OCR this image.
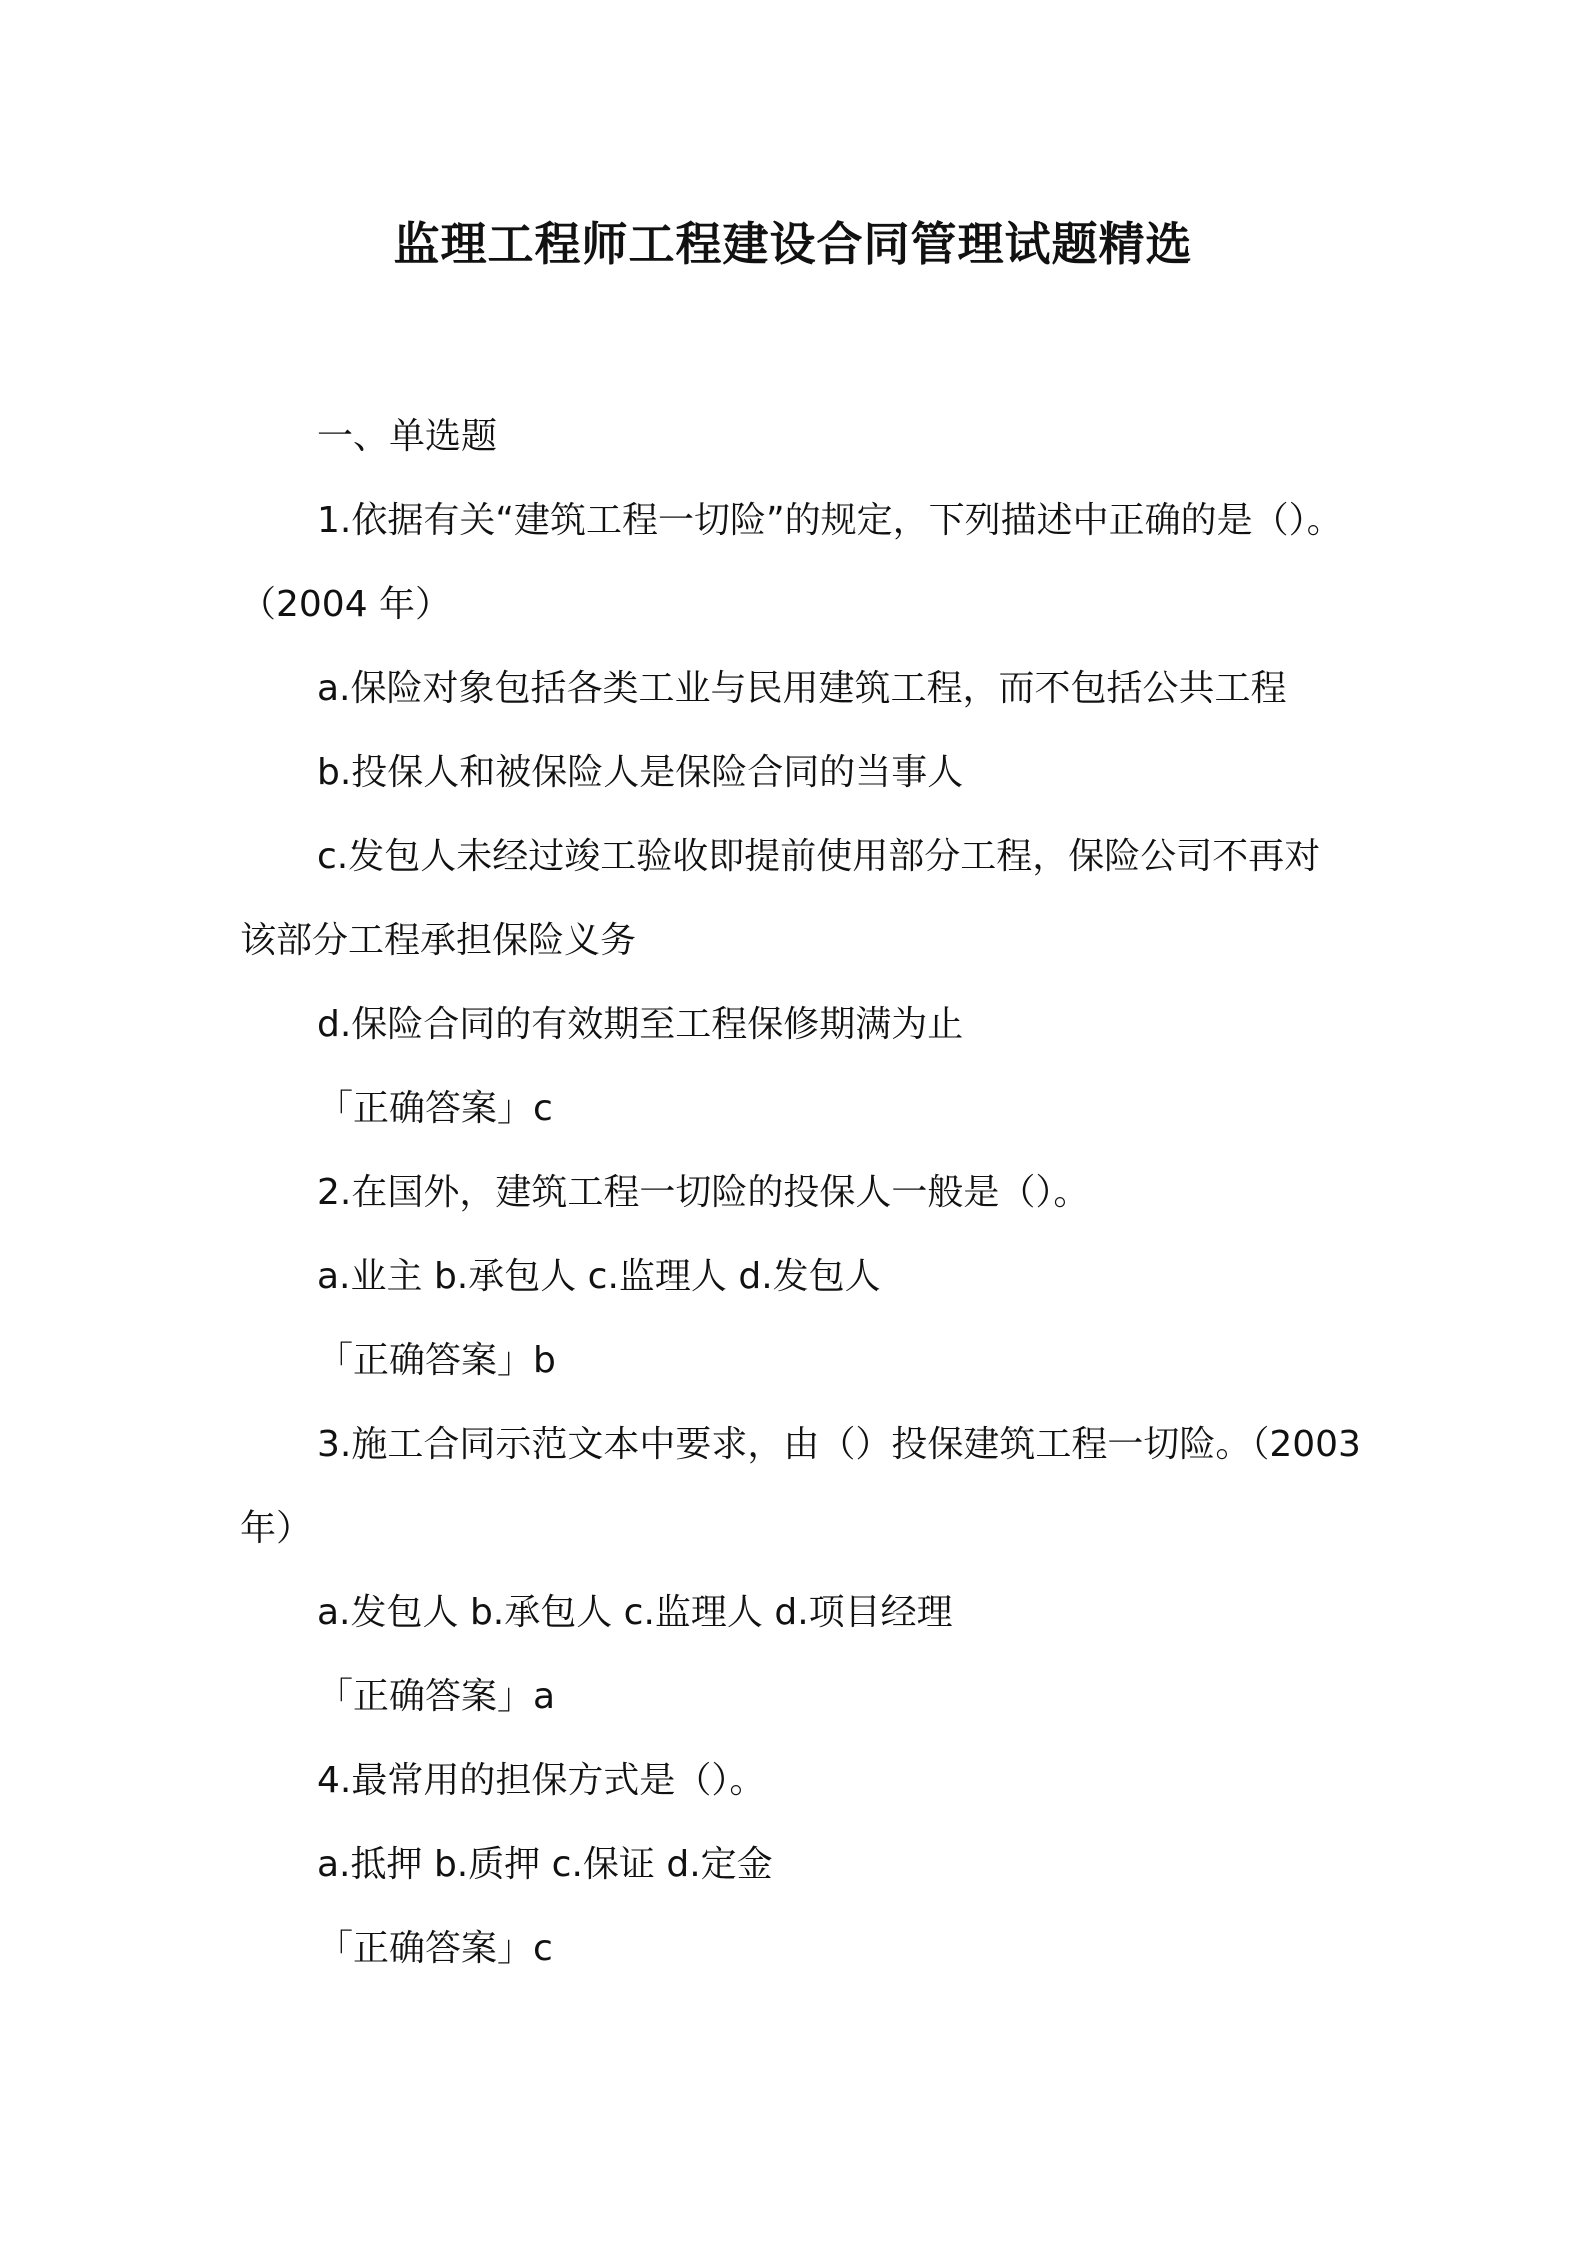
监理工程师工程建设合同管理试题精选
一、单选题
1.依据有关“建筑工程一切险”的规定，下列描述中正确的是（）。
（2004 年）
a.保险对象包括各类工业与民用建筑工程，而不包括公共工程
b.投保人和被保险人是保险合同的当事人
c.发包人未经过竣工验收即提前使用部分工程，保险公司不再对
该部分工程承担保险义务
d.保险合同的有效期至工程保修期满为止
「正确答案」c
2.在国外，建筑工程一切险的投保人一般是（）。
a.业主 b.承包人 c.监理人 d.发包人
「正确答案」b
3.施工合同示范文本中要求，由（）投保建筑工程一切险。（2003
年）
a.发包人 b.承包人 c.监理人 d.项目经理
「正确答案」a
4.最常用的担保方式是（）。
a.抵押 b.质押 c.保证 d.定金
「正确答案」c
